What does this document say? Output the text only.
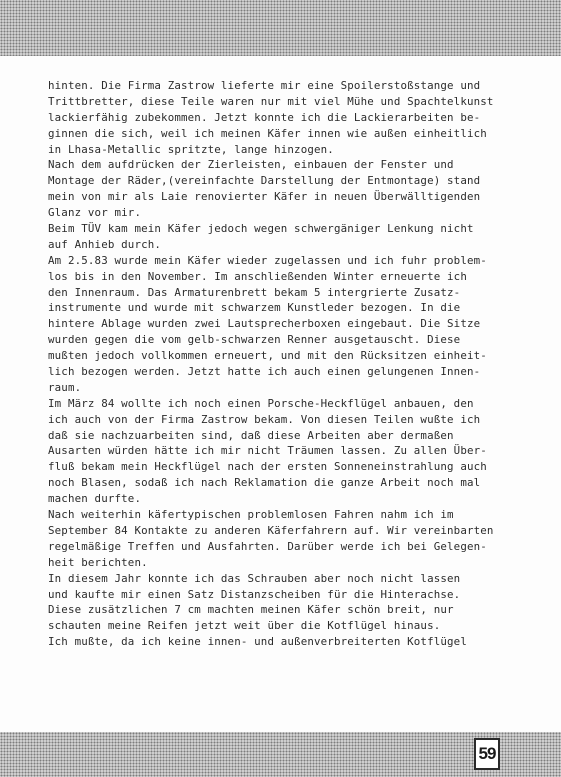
hinten. Die Firma Zastrow lieferte mir eine Spoilerstoßstange und
Trittbretter, diese Teile waren nur mit viel Mühe und Spachtelkunst
lackierfähig zubekommen. Jetzt konnte ich die Lackierarbeiten be-
ginnen die sich, weil ich meinen Käfer innen wie außen einheitlich
in Lhasa-Metallic spritzte, lange hinzogen.
Nach dem aufdrücken der Zierleisten, einbauen der Fenster und
Montage der Räder,(vereinfachte Darstellung der Entmontage) stand
mein von mir als Laie renovierter Käfer in neuen Überwälltigenden
Glanz vor mir.
Beim TÜV kam mein Käfer jedoch wegen schwergäniger Lenkung nicht
auf Anhieb durch.
Am 2.5.83 wurde mein Käfer wieder zugelassen und ich fuhr problem-
los bis in den November. Im anschließenden Winter erneuerte ich
den Innenraum. Das Armaturenbrett bekam 5 intergrierte Zusatz-
instrumente und wurde mit schwarzem Kunstleder bezogen. In die
hintere Ablage wurden zwei Lautsprecherboxen eingebaut. Die Sitze
wurden gegen die vom gelb-schwarzen Renner ausgetauscht. Diese
mußten jedoch vollkommen erneuert, und mit den Rücksitzen einheit-
lich bezogen werden. Jetzt hatte ich auch einen gelungenen Innen-
raum.
Im März 84 wollte ich noch einen Porsche-Heckflügel anbauen, den
ich auch von der Firma Zastrow bekam. Von diesen Teilen wußte ich
daß sie nachzuarbeiten sind, daß diese Arbeiten aber dermaßen
Ausarten würden hätte ich mir nicht Träumen lassen. Zu allen Über-
fluß bekam mein Heckflügel nach der ersten Sonneneinstrahlung auch
noch Blasen, sodaß ich nach Reklamation die ganze Arbeit noch mal
machen durfte.
Nach weiterhin käfertypischen problemlosen Fahren nahm ich im
September 84 Kontakte zu anderen Käferfahrern auf. Wir vereinbarten
regelmäßige Treffen und Ausfahrten. Darüber werde ich bei Gelegen-
heit berichten.
In diesem Jahr konnte ich das Schrauben aber noch nicht lassen
und kaufte mir einen Satz Distanzscheiben für die Hinterachse.
Diese zusätzlichen 7 cm machten meinen Käfer schön breit, nur
schauten meine Reifen jetzt weit über die Kotflügel hinaus.
Ich mußte, da ich keine innen- und außenverbreiterten Kotflügel
59
